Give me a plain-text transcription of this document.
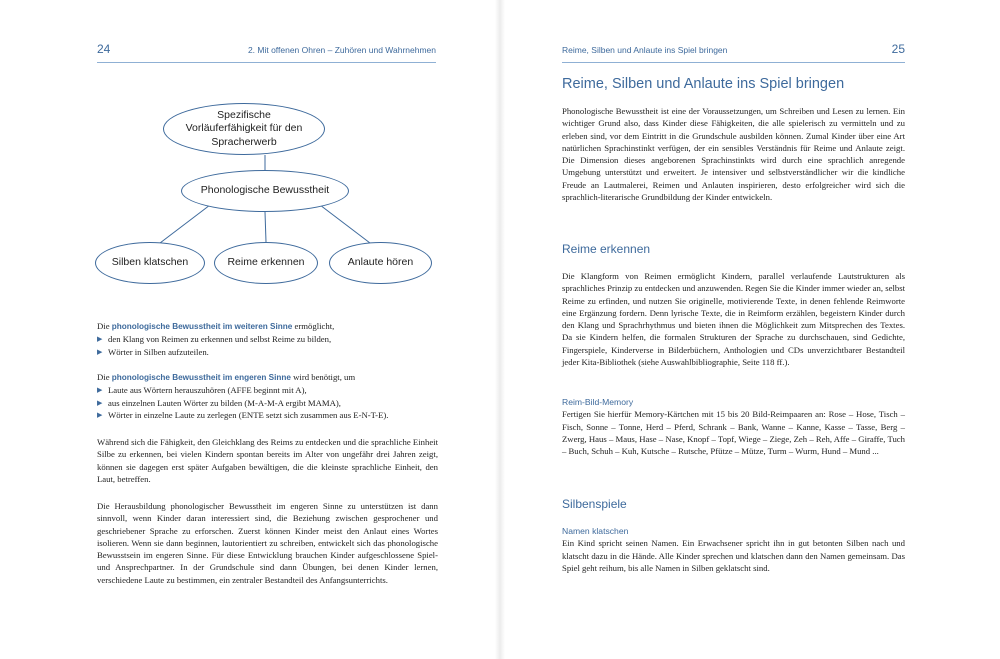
24	2. Mit offenen Ohren – Zuhören und Wahrnehmen
Spezifische Vorläuferfähigkeit für den Spracherwerb
Phonologische Bewusstheit
Silben klatschen	Reime erkennen	Anlaute hören

Die phonologische Bewusstheit im weiteren Sinne ermöglicht,

▶ den Klang von Reimen zu erkennen und selbst Reime zu bilden,
▶ Wörter in Silben aufzuteilen.

Die phonologische Bewusstheit im engeren Sinne wird benötigt, um

▶ Laute aus Wörtern herauszuhören (AFFE beginnt mit A),
▶ aus einzelnen Lauten Wörter zu bilden (M-A-M-A ergibt MAMA),
▶ Wörter in einzelne Laute zu zerlegen (ENTE setzt sich zusammen aus E-N-T-E).

Während sich die Fähigkeit, den Gleichklang des Reims zu entdecken und die sprachliche Einheit Silbe zu erkennen, bei vielen Kindern spontan bereits im Alter von ungefähr drei Jahren zeigt, können sie dagegen erst später Aufgaben bewältigen, die die kleinste sprachliche Einheit, den Laut, betreffen.

Die Herausbildung phonologischer Bewusstheit im engeren Sinne zu unterstützen ist dann sinnvoll, wenn Kinder daran interessiert sind, die Beziehung zwischen gesprochener und geschriebener Sprache zu erforschen. Zuerst können Kinder meist den Anlaut eines Wortes isolieren. Wenn sie dann beginnen, lautorientiert zu schreiben, entwickelt sich das phonologische Bewusstsein im engeren Sinne. Für diese Entwicklung brauchen Kinder aufgeschlossene Spiel- und Ansprechpartner. In der Grundschule sind dann Übungen, bei denen Kinder lernen, verschiedene Laute zu bestimmen, ein zentraler Bestandteil des Anfangsunterrichts.

Reime, Silben und Anlaute ins Spiel bringen	25
Reime, Silben und Anlaute ins Spiel bringen

Phonologische Bewusstheit ist eine der Voraussetzungen, um Schreiben und Lesen zu lernen. Ein wichtiger Grund also, dass Kinder diese Fähigkeiten, die alle spielerisch zu vermitteln und zu erleben sind, vor dem Eintritt in die Grundschule ausbilden können. Zumal Kinder über eine Art natürlichen Sprachinstinkt verfügen, der ein sensibles Verständnis für Reime und Anlaute zeigt. Die Dimension dieses angeborenen Sprachinstinkts wird durch eine sprachlich anregende Umgebung unterstützt und erweitert. Je intensiver und selbstverständlicher wir die kindliche Freude an Lautmalerei, Reimen und Anlauten inspirieren, desto erfolgreicher wird sich die sprachlich-literarische Grundbildung der Kinder entwickeln.

Reime erkennen

Die Klangform von Reimen ermöglicht Kindern, parallel verlaufende Lautstrukturen als sprachliches Prinzip zu entdecken und anzuwenden. Regen Sie die Kinder immer wieder an, selbst Reime zu erfinden, und nutzen Sie originelle, motivierende Texte, in denen fehlende Reimworte eine Ergänzung fordern. Denn lyrische Texte, die in Reimform erzählen, begeistern Kinder durch den Klang und Sprachrhythmus und bieten ihnen die Möglichkeit zum Mitsprechen des Textes. Da sie Kindern helfen, die formalen Strukturen der Sprache zu durchschauen, sind Gedichte, Fingerspiele, Kinderverse in Bilderbüchern, Anthologien und CDs unverzichtbarer Bestandteil jeder Kita-Bibliothek (siehe Auswahlbibliographie, Seite 118 ff.).

Reim-Bild-Memory

Fertigen Sie hierfür Memory-Kärtchen mit 15 bis 20 Bild-Reimpaaren an: Rose – Hose, Tisch – Fisch, Sonne – Tonne, Herd – Pferd, Schrank – Bank, Wanne – Kanne, Kasse – Tasse, Berg – Zwerg, Haus – Maus, Hase – Nase, Knopf – Topf, Wiege – Ziege, Zeh – Reh, Affe – Giraffe, Tuch – Buch, Schuh – Kuh, Kutsche – Rutsche, Pfütze – Mütze, Turm – Wurm, Hund – Mund ...

Silbenspiele

Namen klatschen

Ein Kind spricht seinen Namen. Ein Erwachsener spricht ihn in gut betonten Silben nach und klatscht dazu in die Hände. Alle Kinder sprechen und klatschen dann den Namen gemeinsam. Das Spiel geht reihum, bis alle Namen in Silben geklatscht sind.
